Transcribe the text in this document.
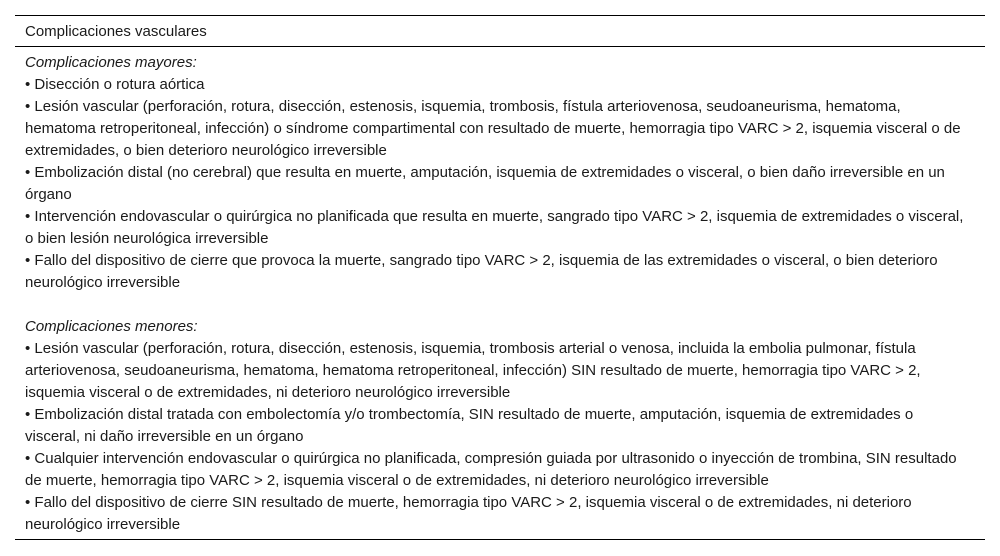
Complicaciones vasculares

Complicaciones mayores:

• Disección o rotura aórtica

• Lesión vascular (perforación, rotura, disección, estenosis, isquemia, trombosis, fístula arteriovenosa, seudoaneurisma, hematoma, hematoma retroperitoneal, infección) o síndrome compartimental con resultado de muerte, hemorragia tipo VARC > 2, isquemia visceral o de extremidades, o bien deterioro neurológico irreversible

• Embolización distal (no cerebral) que resulta en muerte, amputación, isquemia de extremidades o visceral, o bien daño irreversible en un órgano

• Intervención endovascular o quirúrgica no planificada que resulta en muerte, sangrado tipo VARC > 2, isquemia de extremidades o visceral, o bien lesión neurológica irreversible

• Fallo del dispositivo de cierre que provoca la muerte, sangrado tipo VARC > 2, isquemia de las extremidades o visceral, o bien deterioro neurológico irreversible

Complicaciones menores:

• Lesión vascular (perforación, rotura, disección, estenosis, isquemia, trombosis arterial o venosa, incluida la embolia pulmonar, fístula arteriovenosa, seudoaneurisma, hematoma, hematoma retroperitoneal, infección) SIN resultado de muerte, hemorragia tipo VARC > 2, isquemia visceral o de extremidades, ni deterioro neurológico irreversible

• Embolización distal tratada con embolectomía y/o trombectomía, SIN resultado de muerte, amputación, isquemia de extremidades o visceral, ni daño irreversible en un órgano

• Cualquier intervención endovascular o quirúrgica no planificada, compresión guiada por ultrasonido o inyección de trombina, SIN resultado de muerte, hemorragia tipo VARC > 2, isquemia visceral o de extremidades, ni deterioro neurológico irreversible

• Fallo del dispositivo de cierre SIN resultado de muerte, hemorragia tipo VARC > 2, isquemia visceral o de extremidades, ni deterioro neurológico irreversible
